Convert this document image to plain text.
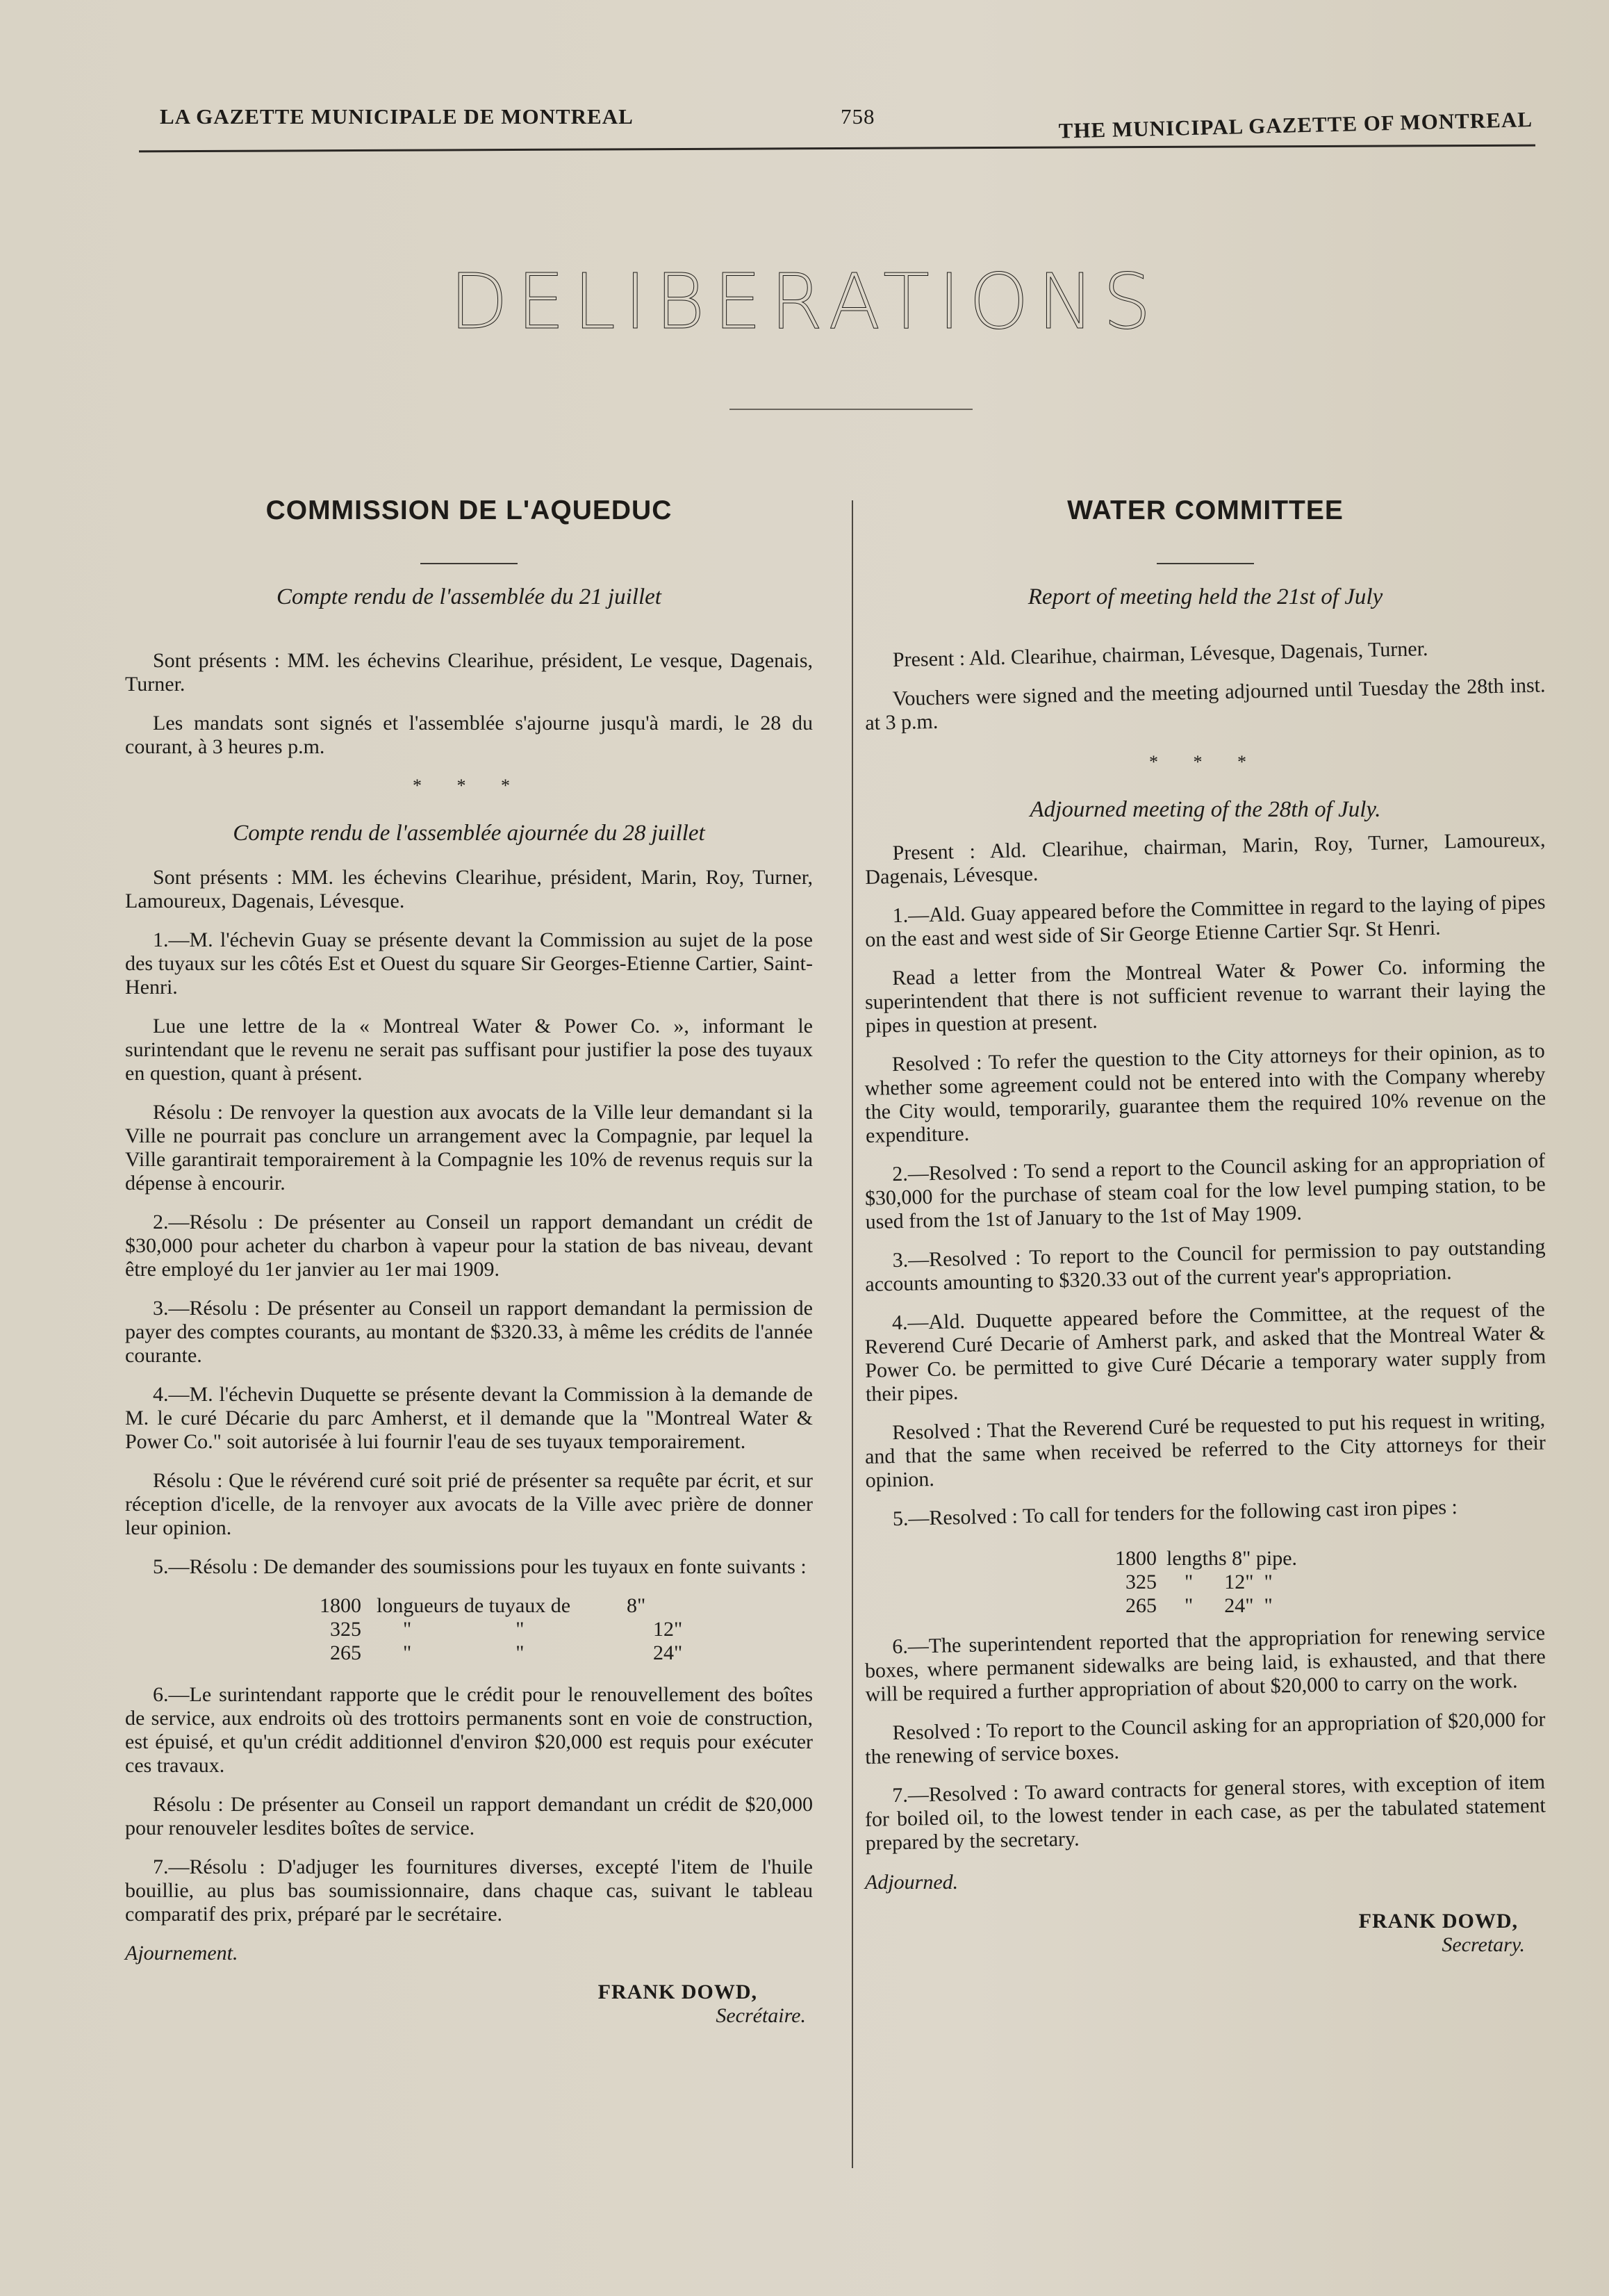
LA GAZETTE MUNICIPALE DE MONTREAL	758	THE MUNICIPAL GAZETTE OF MONTREAL
DELIBERATIONS
COMMISSION DE L'AQUEDUC
Compte rendu de l'assemblée du 21 juillet

Sont présents : MM. les échevins Clearihue, président, Le vesque, Dagenais, Turner.

Les mandats sont signés et l'assemblée s'ajourne jusqu'à mardi, le 28 du courant, à 3 heures p.m.

* * *
Compte rendu de l'assemblée ajournée du 28 juillet

Sont présents : MM. les échevins Clearihue, président, Marin, Roy, Turner, Lamoureux, Dagenais, Lévesque.

1.—M. l'échevin Guay se présente devant la Commission au sujet de la pose des tuyaux sur les côtés Est et Ouest du square Sir Georges-Etienne Cartier, Saint-Henri.

Lue une lettre de la « Montreal Water & Power Co. », informant le surintendant que le revenu ne serait pas suffisant pour justifier la pose des tuyaux en question, quant à présent.

Résolu : De renvoyer la question aux avocats de la Ville leur demandant si la Ville ne pourrait pas conclure un arrangement avec la Compagnie, par lequel la Ville garantirait temporairement à la Compagnie les 10% de revenus requis sur la dépense à encourir.

2.—Résolu : De présenter au Conseil un rapport demandant un crédit de $30,000 pour acheter du charbon à vapeur pour la station de bas niveau, devant être employé du 1er janvier au 1er mai 1909.

3.—Résolu : De présenter au Conseil un rapport demandant la permission de payer des comptes courants, au montant de $320.33, à même les crédits de l'année courante.

4.—M. l'échevin Duquette se présente devant la Commission à la demande de M. le curé Décarie du parc Amherst, et il demande que la "Montreal Water & Power Co." soit autorisée à lui fournir l'eau de ses tuyaux temporairement.

Résolu : Que le révérend curé soit prié de présenter sa requête par écrit, et sur réception d'icelle, de la renvoyer aux avocats de la Ville avec prière de donner leur opinion.

5.—Résolu : De demander des soumissions pour les tuyaux en fonte suivants :

1800 longueurs de tuyaux de	8"
325	"                    "	12"
265	"                    "	24"

6.—Le surintendant rapporte que le crédit pour le renouvellement des boîtes de service, aux endroits où des trottoirs permanents sont en voie de construction, est épuisé, et qu'un crédit additionnel d'environ $20,000 est requis pour exécuter ces travaux.

Résolu : De présenter au Conseil un rapport demandant un crédit de $20,000 pour renouveler lesdites boîtes de service.

7.—Résolu : D'adjuger les fournitures diverses, excepté l'item de l'huile bouillie, au plus bas soumissionnaire, dans chaque cas, suivant le tableau comparatif des prix, préparé par le secrétaire.

Ajournement.

FRANK DOWD,
Secrétaire.
WATER COMMITTEE
Report of meeting held the 21st of July

Present : Ald. Clearihue, chairman, Lévesque, Dagenais, Turner.

Vouchers were signed and the meeting adjourned until Tuesday the 28th inst. at 3 p.m.

* * *
Adjourned meeting of the 28th of July.

Present : Ald. Clearihue, chairman, Marin, Roy, Turner, Lamoureux, Dagenais, Lévesque.

1.—Ald. Guay appeared before the Committee in regard to the laying of pipes on the east and west side of Sir George Etienne Cartier Sqr. St Henri.

Read a letter from the Montreal Water & Power Co. informing the superintendent that there is not sufficient revenue to warrant their laying the pipes in question at present.

Resolved : To refer the question to the City attorneys for their opinion, as to whether some agreement could not be entered into with the Company whereby the City would, temporarily, guarantee them the required 10% revenue on the expenditure.

2.—Resolved : To send a report to the Council asking for an appropriation of $30,000 for the purchase of steam coal for the low level pumping station, to be used from the 1st of January to the 1st of May 1909.

3.—Resolved : To report to the Council for permission to pay outstanding accounts amounting to $320.33 out of the current year's appropriation.

4.—Ald. Duquette appeared before the Committee, at the request of the Reverend Curé Decarie of Amherst park, and asked that the Montreal Water & Power Co. be permitted to give Curé Décarie a temporary water supply from their pipes.

Resolved : That the Reverend Curé be requested to put his request in writing, and that the same when received be referred to the City attorneys for their opinion.

5.—Resolved : To call for tenders for the following cast iron pipes :

1800 lengths 8" pipe.
325	"      12"  "
265	"      24"  "

6.—The superintendent reported that the appropriation for renewing service boxes, where permanent sidewalks are being laid, is exhausted, and that there will be required a further appropriation of about $20,000 to carry on the work.

Resolved : To report to the Council asking for an appropriation of $20,000 for the renewing of service boxes.

7.—Resolved : To award contracts for general stores, with exception of item for boiled oil, to the lowest tender in each case, as per the tabulated statement prepared by the secretary.

Adjourned.

FRANK DOWD,
Secretary.
